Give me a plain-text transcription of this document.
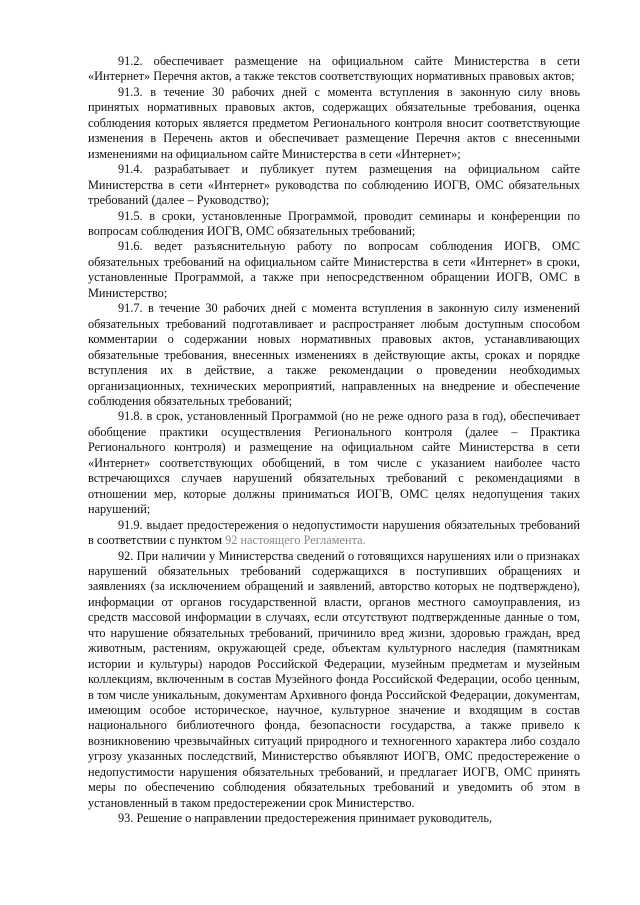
91.2. обеспечивает размещение на официальном сайте Министерства в сети «Интернет» Перечня актов, а также текстов соответствующих нормативных правовых актов;

91.3. в течение 30 рабочих дней с момента вступления в законную силу вновь принятых нормативных правовых актов, содержащих обязательные требования, оценка соблюдения которых является предметом Регионального контроля вносит соответствующие изменения в Перечень актов и обеспечивает размещение Перечня актов с внесенными изменениями на официальном сайте Министерства в сети «Интернет»;

91.4. разрабатывает и публикует путем размещения на официальном сайте Министерства в сети «Интернет» руководства по соблюдению ИОГВ, ОМС обязательных требований (далее – Руководство);

91.5. в сроки, установленные Программой, проводит семинары и конференции по вопросам соблюдения ИОГВ, ОМС обязательных требований;

91.6. ведет разъяснительную работу по вопросам соблюдения ИОГВ, ОМС обязательных требований на официальном сайте Министерства в сети «Интернет» в сроки, установленные Программой, а также при непосредственном обращении ИОГВ, ОМС в Министерство;

91.7. в течение 30 рабочих дней с момента вступления в законную силу изменений обязательных требований подготавливает и распространяет любым доступным способом комментарии о содержании новых нормативных правовых актов, устанавливающих обязательные требования, внесенных изменениях в действующие акты, сроках и порядке вступления их в действие, а также рекомендации о проведении необходимых организационных, технических мероприятий, направленных на внедрение и обеспечение соблюдения обязательных требований;

91.8. в срок, установленный Программой (но не реже одного раза в год), обеспечивает обобщение практики осуществления Регионального контроля (далее – Практика Регионального контроля) и размещение на официальном сайте Министерства в сети «Интернет» соответствующих обобщений, в том числе с указанием наиболее часто встречающихся случаев нарушений обязательных требований с рекомендациями в отношении мер, которые должны приниматься ИОГВ, ОМС целях недопущения таких нарушений;

91.9. выдает предостережения о недопустимости нарушения обязательных требований в соответствии с пунктом 92 настоящего Регламента.

92. При наличии у Министерства сведений о готовящихся нарушениях или о признаках нарушений обязательных требований содержащихся в поступивших обращениях и заявлениях (за исключением обращений и заявлений, авторство которых не подтверждено), информации от органов государственной власти, органов местного самоуправления, из средств массовой информации в случаях, если отсутствуют подтвержденные данные о том, что нарушение обязательных требований, причинило вред жизни, здоровью граждан, вред животным, растениям, окружающей среде, объектам культурного наследия (памятникам истории и культуры) народов Российской Федерации, музейным предметам и музейным коллекциям, включенным в состав Музейного фонда Российской Федерации, особо ценным, в том числе уникальным, документам Архивного фонда Российской Федерации, документам, имеющим особое историческое, научное, культурное значение и входящим в состав национального библиотечного фонда, безопасности государства, а также привело к возникновению чрезвычайных ситуаций природного и техногенного характера либо создало угрозу указанных последствий, Министерство объявляют ИОГВ, ОМС предостережение о недопустимости нарушения обязательных требований, и предлагает ИОГВ, ОМС принять меры по обеспечению соблюдения обязательных требований и уведомить об этом в установленный в таком предостережении срок Министерство.

93. Решение о направлении предостережения принимает руководитель,
